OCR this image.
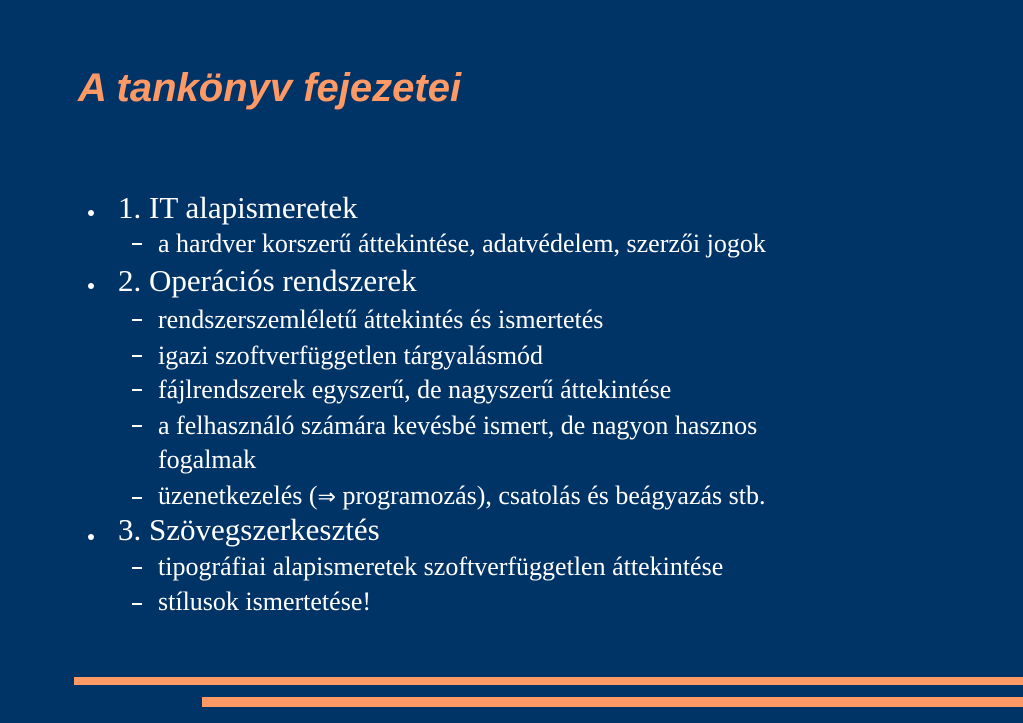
A tankönyv fejezetei
1. IT alapismeretek
a hardver korszerű áttekintése, adatvédelem, szerzői jogok
2. Operációs rendszerek
rendszerszemléletű áttekintés és ismertetés
igazi szoftverfüggetlen tárgyalásmód
fájlrendszerek egyszerű, de nagyszerű áttekintése
a felhasználó számára kevésbé ismert, de nagyon hasznos
fogalmak
üzenetkezelés (⇒ programozás), csatolás és beágyazás stb.
3. Szövegszerkesztés
tipográfiai alapismeretek szoftverfüggetlen áttekintése
stílusok ismertetése!
